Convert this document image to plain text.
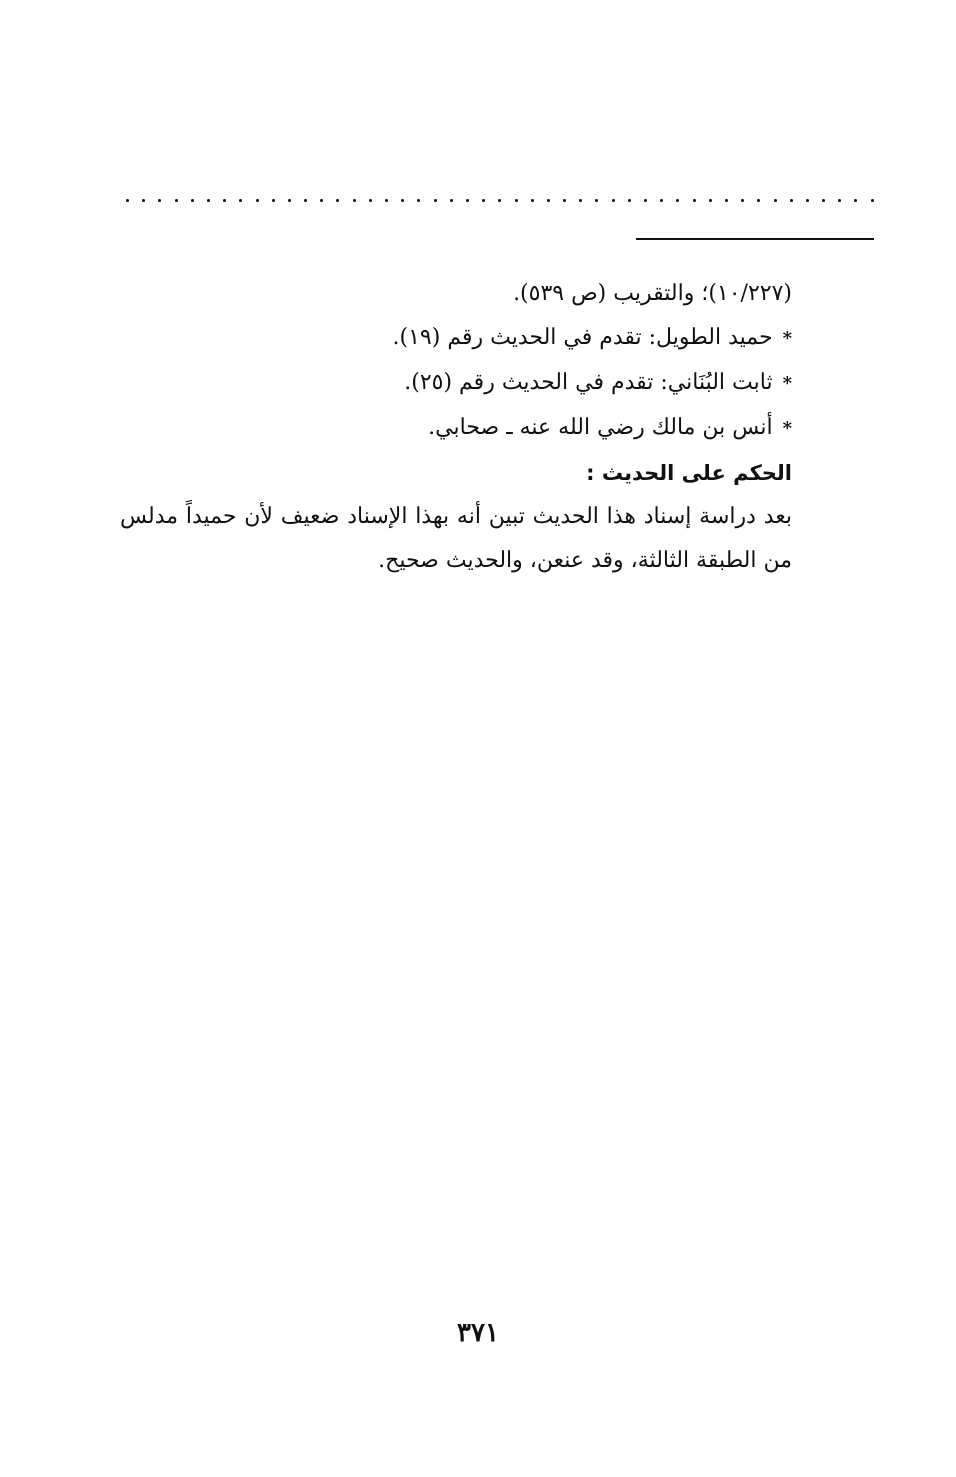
(١٠/٢٢٧)؛ والتقريب (ص ٥٣٩).
*حميد الطويل: تقدم في الحديث رقم (١٩).
*ثابت البُنَاني: تقدم في الحديث رقم (٢٥).
*أنس بن مالك رضي الله عنه ـ صحابي.
الحكم على الحديث :
بعد دراسة إسناد هذا الحديث تبين أنه بهذا الإسناد ضعيف لأن حميداً مدلس من الطبقة الثالثة، وقد عنعن، والحديث صحيح.
٣٧١
